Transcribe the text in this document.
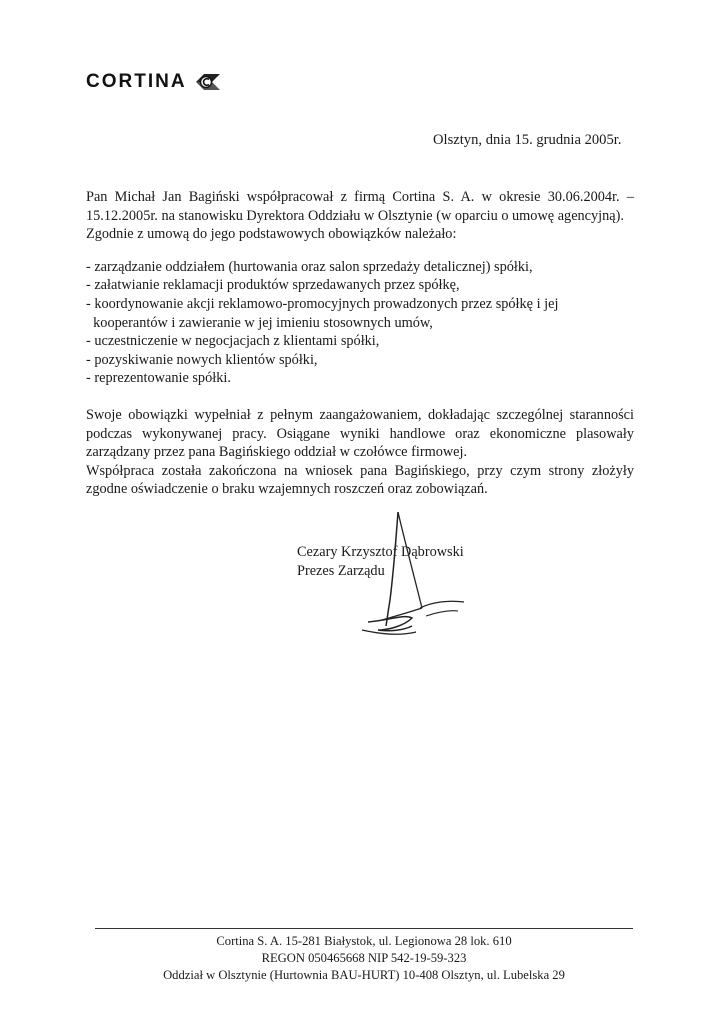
CORTINA
Olsztyn, dnia 15. grudnia 2005r.

Pan Michał Jan Bagiński współpracował z firmą Cortina S. A. w okresie 30.06.2004r. – 15.12.2005r. na stanowisku Dyrektora Oddziału w Olsztynie (w oparciu o umowę agencyjną).

Zgodnie z umową do jego podstawowych obowiązków należało:

- zarządzanie oddziałem (hurtowania oraz salon sprzedaży detalicznej) spółki,
- załatwianie reklamacji produktów sprzedawanych przez spółkę,
- koordynowanie akcji reklamowo-promocyjnych prowadzonych przez spółkę i jej
kooperantów i zawieranie w jej imieniu stosownych umów,
- uczestniczenie w negocjacjach z klientami spółki,
- pozyskiwanie nowych klientów spółki,
- reprezentowanie spółki.

Swoje obowiązki wypełniał z pełnym zaangażowaniem, dokładając szczególnej staranności podczas wykonywanej pracy. Osiągane wyniki handlowe oraz ekonomiczne plasowały zarządzany przez pana Bagińskiego oddział w czołówce firmowej.

Współpraca została zakończona na wniosek pana Bagińskiego, przy czym strony złożyły zgodne oświadczenie o braku wzajemnych roszczeń oraz zobowiązań.

Cezary Krzysztof Dąbrowski
Prezes Zarządu
Cortina S. A. 15-281 Białystok, ul. Legionowa 28 lok. 610
REGON 050465668 NIP 542-19-59-323
Oddział w Olsztynie (Hurtownia BAU-HURT) 10-408 Olsztyn, ul. Lubelska 29
